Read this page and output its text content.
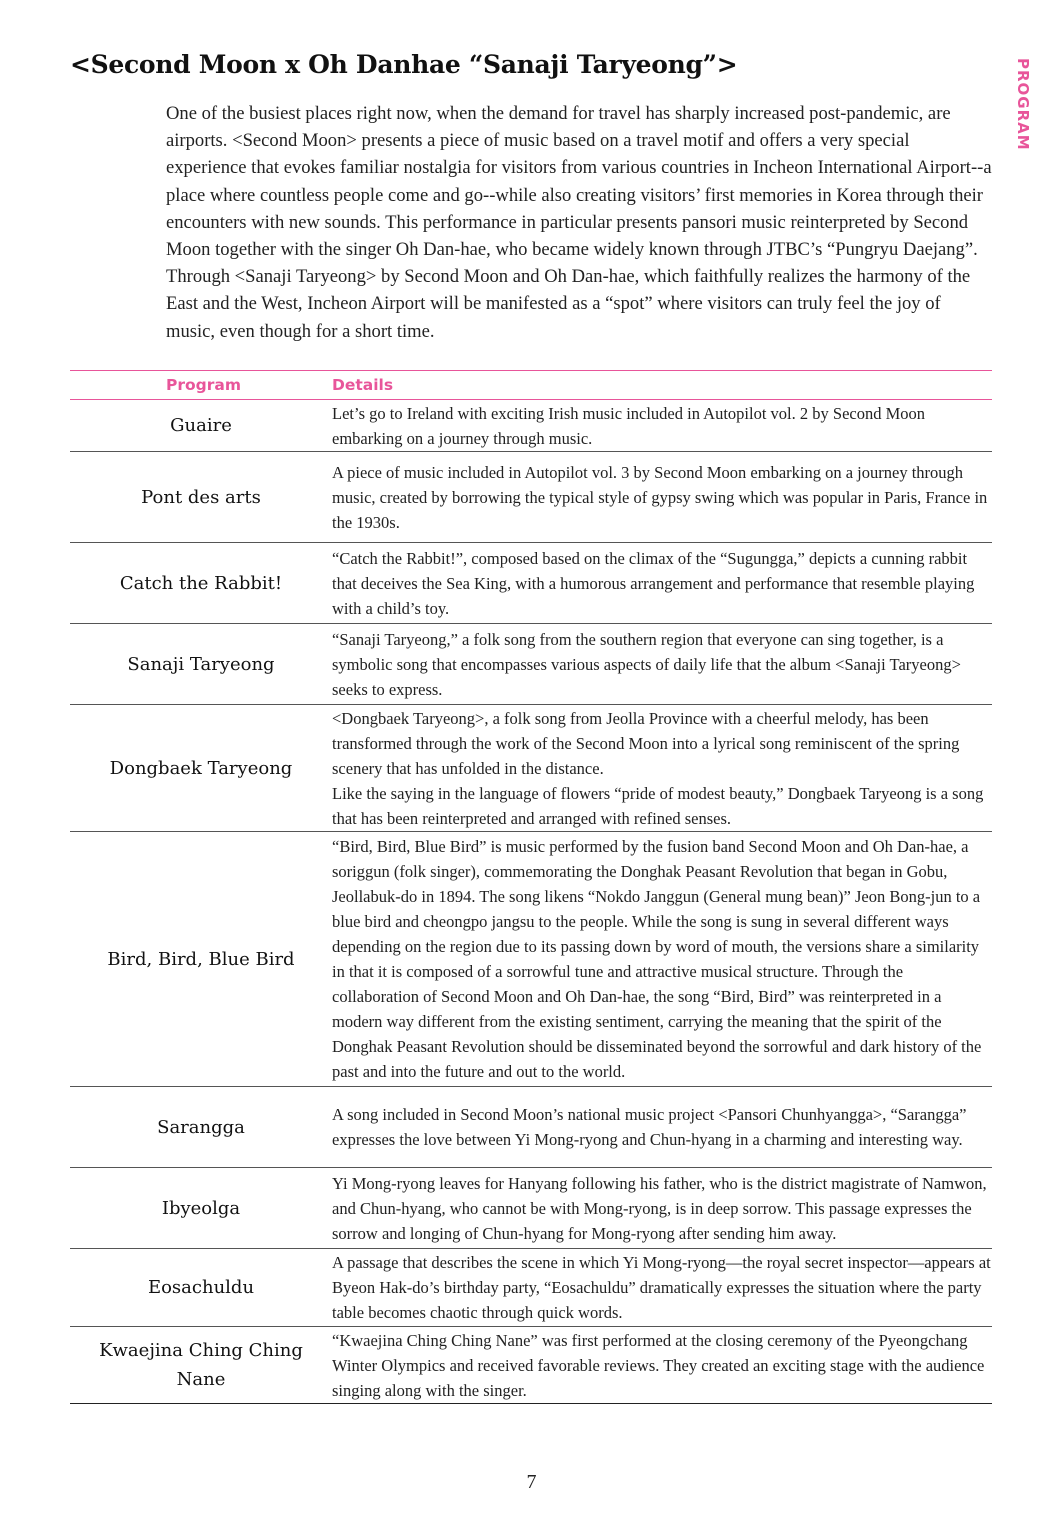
PROGRAM
<Second Moon x Oh Danhae “Sanaji Taryeong”>

One of the busiest places right now, when the demand for travel has sharply increased post-pandemic, are airports. <Second Moon> presents a piece of music based on a travel motif and offers a very special experience that evokes familiar nostalgia for visitors from various countries in Incheon International Airport--a place where countless people come and go--while also creating visitors’ first memories in Korea through their encounters with new sounds. This performance in particular presents pansori music reinterpreted by Second Moon together with the singer Oh Dan-hae, who became widely known through JTBC’s “Pungryu Daejang”. Through <Sanaji Taryeong> by Second Moon and Oh Dan-hae, which faithfully realizes the harmony of the East and the West, Incheon Airport will be manifested as a “spot” where visitors can truly feel the joy of music, even though for a short time.

Program	Details
Guaire	Let’s go to Ireland with exciting Irish music included in Autopilot vol. 2 by Second Moon embarking on a journey through music.

Pont des arts	A piece of music included in Autopilot vol. 3 by Second Moon embarking on a journey through music, created by borrowing the typical style of gypsy swing which was popular in Paris, France in the 1930s.

Catch the Rabbit!	“Catch the Rabbit!”, composed based on the climax of the “Sugungga,” depicts a cunning rabbit that deceives the Sea King, with a humorous arrangement and performance that resemble playing with a child’s toy.

Sanaji Taryeong	“Sanaji Taryeong,” a folk song from the southern region that everyone can sing together, is a symbolic song that encompasses various aspects of daily life that the album <Sanaji Taryeong> seeks to express.

Dongbaek Taryeong	<Dongbaek Taryeong>, a folk song from Jeolla Province with a cheerful melody, has been transformed through the work of the Second Moon into a lyrical song reminiscent of the spring scenery that has unfolded in the distance.
Like the saying in the language of flowers “pride of modest beauty,” Dongbaek Taryeong is a song that has been reinterpreted and arranged with refined senses.

Bird, Bird, Blue Bird	“Bird, Bird, Blue Bird” is music performed by the fusion band Second Moon and Oh Dan-hae, a soriggun (folk singer), commemorating the Donghak Peasant Revolution that began in Gobu, Jeollabuk-do in 1894. The song likens “Nokdo Janggun (General mung bean)” Jeon Bong-jun to a blue bird and cheongpo jangsu to the people. While the song is sung in several different ways depending on the region due to its passing down by word of mouth, the versions share a similarity in that it is composed of a sorrowful tune and attractive musical structure. Through the collaboration of Second Moon and Oh Dan-hae, the song “Bird, Bird” was reinterpreted in a modern way different from the existing sentiment, carrying the meaning that the spirit of the Donghak Peasant Revolution should be disseminated beyond the sorrowful and dark history of the past and into the future and out to the world.

Sarangga	A song included in Second Moon’s national music project <Pansori Chunhyangga>, “Sarangga” expresses the love between Yi Mong-ryong and Chun-hyang in a charming and interesting way.

Ibyeolga	Yi Mong-ryong leaves for Hanyang following his father, who is the district magistrate of Namwon, and Chun-hyang, who cannot be with Mong-ryong, is in deep sorrow. This passage expresses the sorrow and longing of Chun-hyang for Mong-ryong after sending him away.

Eosachuldu	A passage that describes the scene in which Yi Mong-ryong—the royal secret inspector—appears at Byeon Hak-do’s birthday party, “Eosachuldu” dramatically expresses the situation where the party table becomes chaotic through quick words.

Kwaejina Ching Ching Nane	“Kwaejina Ching Ching Nane” was first performed at the closing ceremony of the Pyeongchang Winter Olympics and received favorable reviews. They created an exciting stage with the audience singing along with the singer.
7
